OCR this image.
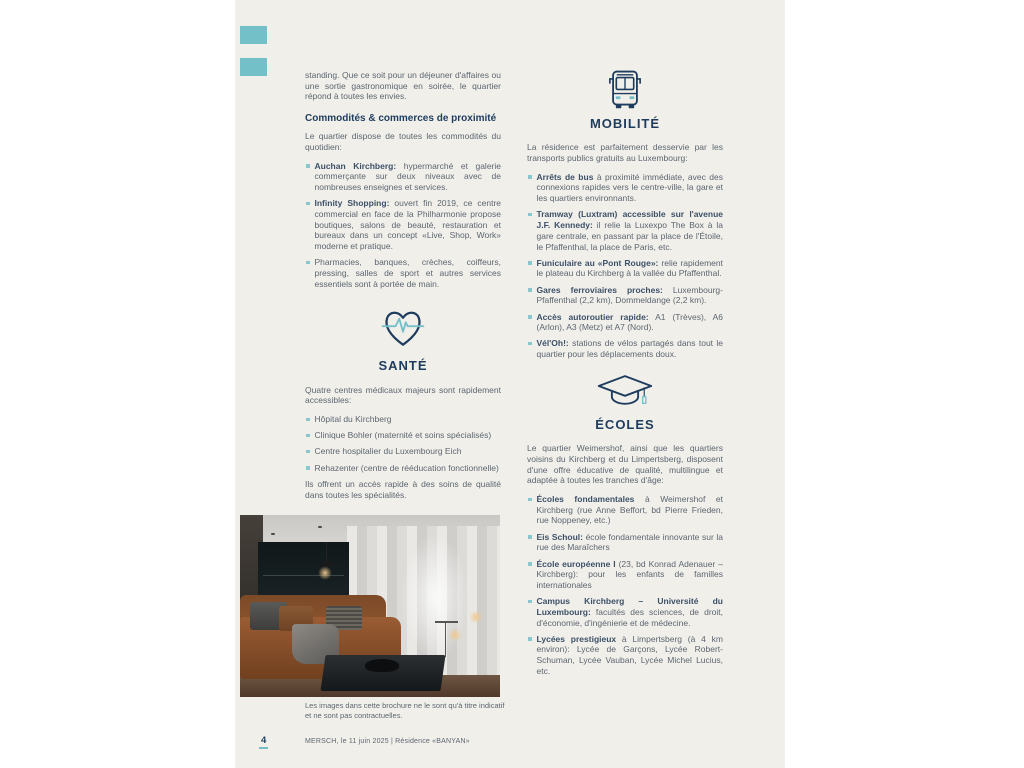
standing. Que ce soit pour un déjeuner d'affaires ou une sortie gastronomique en soirée, le quartier répond à toutes les envies.

Commodités & commerces de proximité

Le quartier dispose de toutes les commodités du quotidien:

Auchan Kirchberg: hypermarché et galerie commerçante sur deux niveaux avec de nombreuses enseignes et services.
Infinity Shopping: ouvert fin 2019, ce centre commercial en face de la Philharmonie propose boutiques, salons de beauté, restauration et bureaux dans un concept «Live, Shop, Work» moderne et pratique.
Pharmacies, banques, crèches, coiffeurs, pressing, salles de sport et autres services essentiels sont à portée de main.
SANTÉ

Quatre centres médicaux majeurs sont rapidement accessibles:

Hôpital du Kirchberg
Clinique Bohler (maternité et soins spécialisés)
Centre hospitalier du Luxembourg Eich
Rehazenter (centre de rééducation fonctionnelle)

Ils offrent un accès rapide à des soins de qualité dans toutes les spécialités.

MOBILITÉ

La résidence est parfaitement desservie par les transports publics gratuits au Luxembourg:

Arrêts de bus à proximité immédiate, avec des connexions rapides vers le centre-ville, la gare et les quartiers environnants.
Tramway (Luxtram) accessible sur l'avenue J.F. Kennedy: il relie la Luxexpo The Box à la gare centrale, en passant par la place de l'Étoile, le Pfaffenthal, la place de Paris, etc.
Funiculaire au «Pont Rouge»: relie rapidement le plateau du Kirchberg à la vallée du Pfaffenthal.
Gares ferroviaires proches: Luxembourg-Pfaffenthal (2,2 km), Dommeldange (2,2 km).
Accès autoroutier rapide: A1 (Trèves), A6 (Arlon), A3 (Metz) et A7 (Nord).
Vél'Oh!: stations de vélos partagés dans tout le quartier pour les déplacements doux.
ÉCOLES

Le quartier Weimershof, ainsi que les quartiers voisins du Kirchberg et du Limpertsberg, disposent d'une offre éducative de qualité, multilingue et adaptée à toutes les tranches d'âge:

Écoles fondamentales à Weimershof et Kirchberg (rue Anne Beffort, bd Pierre Frieden, rue Noppeney, etc.)
Eis Schoul: école fondamentale innovante sur la rue des Maraîchers
École européenne I (23, bd Konrad Adenauer – Kirchberg): pour les enfants de familles internationales
Campus Kirchberg – Université du Luxembourg: facultés des sciences, de droit, d'économie, d'ingénierie et de médecine.
Lycées prestigieux à Limpertsberg (à 4 km environ): Lycée de Garçons, Lycée Robert-Schuman, Lycée Vauban, Lycée Michel Lucius, etc.
Les images dans cette brochure ne le sont qu'à titre indicatif et ne sont pas contractuelles.
4	MERSCH, le 11 juin 2025 | Résidence «BANYAN»
